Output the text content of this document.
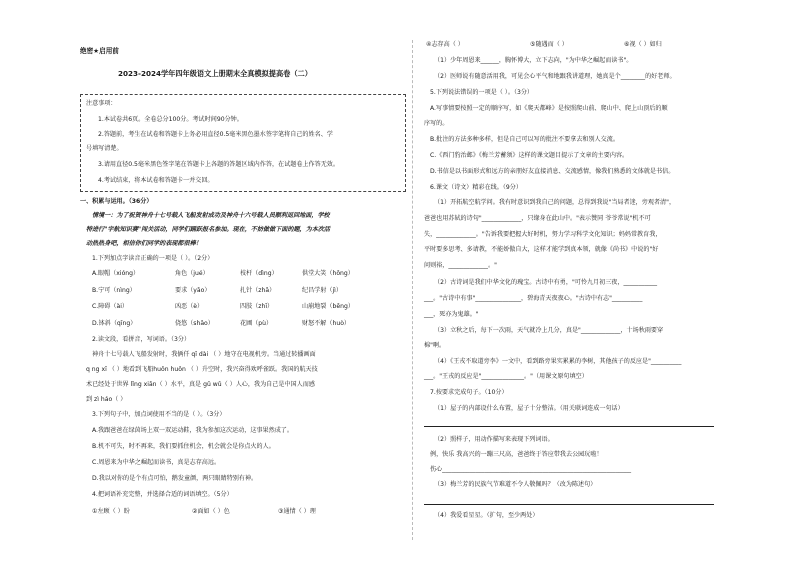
绝密★启用前
2023-2024学年四年级语文上册期末全真模拟提高卷（二）
注意事项：
1.本试卷共6页。全卷总分100分。考试时间90分钟。
2.答题前，考生在试卷和答题卡上务必用直径0.5毫米黑色墨水签字笔将自己的姓名、学
号填写清楚。
3.请用直径0.5毫米黑色签字笔在答题卡上各题的答题区域内作答，在试题卷上作答无效。
4.考试结束，将本试卷和答题卡一并交回。
一、积累与运用。（36分）
情境一：为了祝贺神舟十七号载人飞船发射成功及神舟十六号载人员顺利返回地面，学校
特进行"宇航知识赛"闯关活动，同学们踊跃报名参加。现在，不妨做做下面的题，为本次活
动热热身吧，相信你们同学的表现都很棒！
1.下列加点字读音正确的一项是（ ）。（2分）
A.眼帽（xióng）	角色（jué）	枝杆（dìng）	供堂大笑（hōng）
B.宁可（nìng）	要求（yāo）	扎针（zhā）	纪昌学射（jì）
C.障碍（ài）	凶恶（è）	四肢（zhī）	山崩地裂（bēng）
D.钵斜（qīng）	侥悠（shāo）	花圃（pù）	财怒不解（huò）
2.读文段，看拼音，写词语。（3分）
神舟十七号载人飞船发射时，我俩仟 qī dài （ ）地守在电视机旁。当通过转播画面
q ng xī （ ）地看到飞船huǒn huǒn （ ）升空时，我兴奋得欢呼雀跃。我国的航天技
术已经处于世界 lǐng xiān（ ）水平，真是 gǔ wǔ（ ）人心，我为自己是中国人而感
到 zì háo（ ）
3.下列句子中，加点词使用不当的是（ ）。（3分）
A.我跟爸爸在绿茵场上双一双运动鞋，我为参加这次运动，这事果然成了。
B.机不可失，时不再来，我们要抓住机会，机会就会是你点火的人。
C.周恩来为中华之崛起而读书，真是志存高远。
D.我以对你的是个有点可怕，鹅发童颜，两只眼睛特别有神。
4.把词语补充完整，并选择合适的词语填空。（5分）
①左顾（ ）盼	②面如（ ）色	③通情（ ）理
④志存高（ ）	⑤随遇而（ ）	⑥视（ ）如归
（1）少年周恩来______，胸怀博大，立下志向，"为中华之崛起而读书"。
（2）医师说有随意活用我，可见会心平气和地跟我讲道理，她真是个________的好老师。
5.下列说法错误的一项是（ ）。（3分）
A.写事情要按照一定的顺序写，如《爬天都峰》是按照爬山前、爬山中、爬上山顶后的顺
序写的。
B.批注的方法多种多样，但是自己可以写的批注不要拿去和别人交流。
C.《西门豹治邺》《梅兰芳蓄须》这样的课文题目提示了文章的主要内容。
D.书信是以书面形式和远方的亲朋好友直接消息、交流感情，像我们熟悉的文体就是书信。
6.课文（诗文）精彩在线。（9分）
（1）开拓航空航学问。我有时意识到我自己的问题，总得到我说"当局者迷，旁观者清"，
爸爸也用苏轼的诗句"_____________，只缘身在此山中。"表示赞同 爷爷常说"机不可
失，_____________。"告诉我要把握大好时机，努力学习科学文化知识；妈妈常教育我，
平时要多思考、多请教，不能娇傲自大，这样才能学到真本领，就像《尚书》中说的"好
问则裕，_____________。"
（2）古诗词是我们中华文化的瑰宝。古诗中有勇，"可怜九月初三夜，___________
___。"古诗中有事"_______________，碧海青天夜夜心。"古诗中有志"__________
___，死亦为鬼雄。"
（3）立秋之后，每下一次雨，天气就冷上几分，真是"_____________，十场秋雨要穿
棉"啊。
（4）《王戎不取道旁李》一文中，看到路旁果实累累的李树，其他孩子的反应是"__________
___。"王戎的反应是"______________。"（用课文原句填空）
7.按要求完成句子。（10分）
（1）屋子的内部设什么布置，屋子十分整洁。（用关联词连成一句话）
（2）照样子，用动作描写来表现下列词语。
例，快乐 我高兴的一蹦三尺高，爸爸终于答应带我去公园玩啦！
伤心______________________________________________________________
（3）梅兰芳的民族气节难道不令人敬佩吗？（改为陈述句）
（4）我爱看星星。（扩句，至少两处）
